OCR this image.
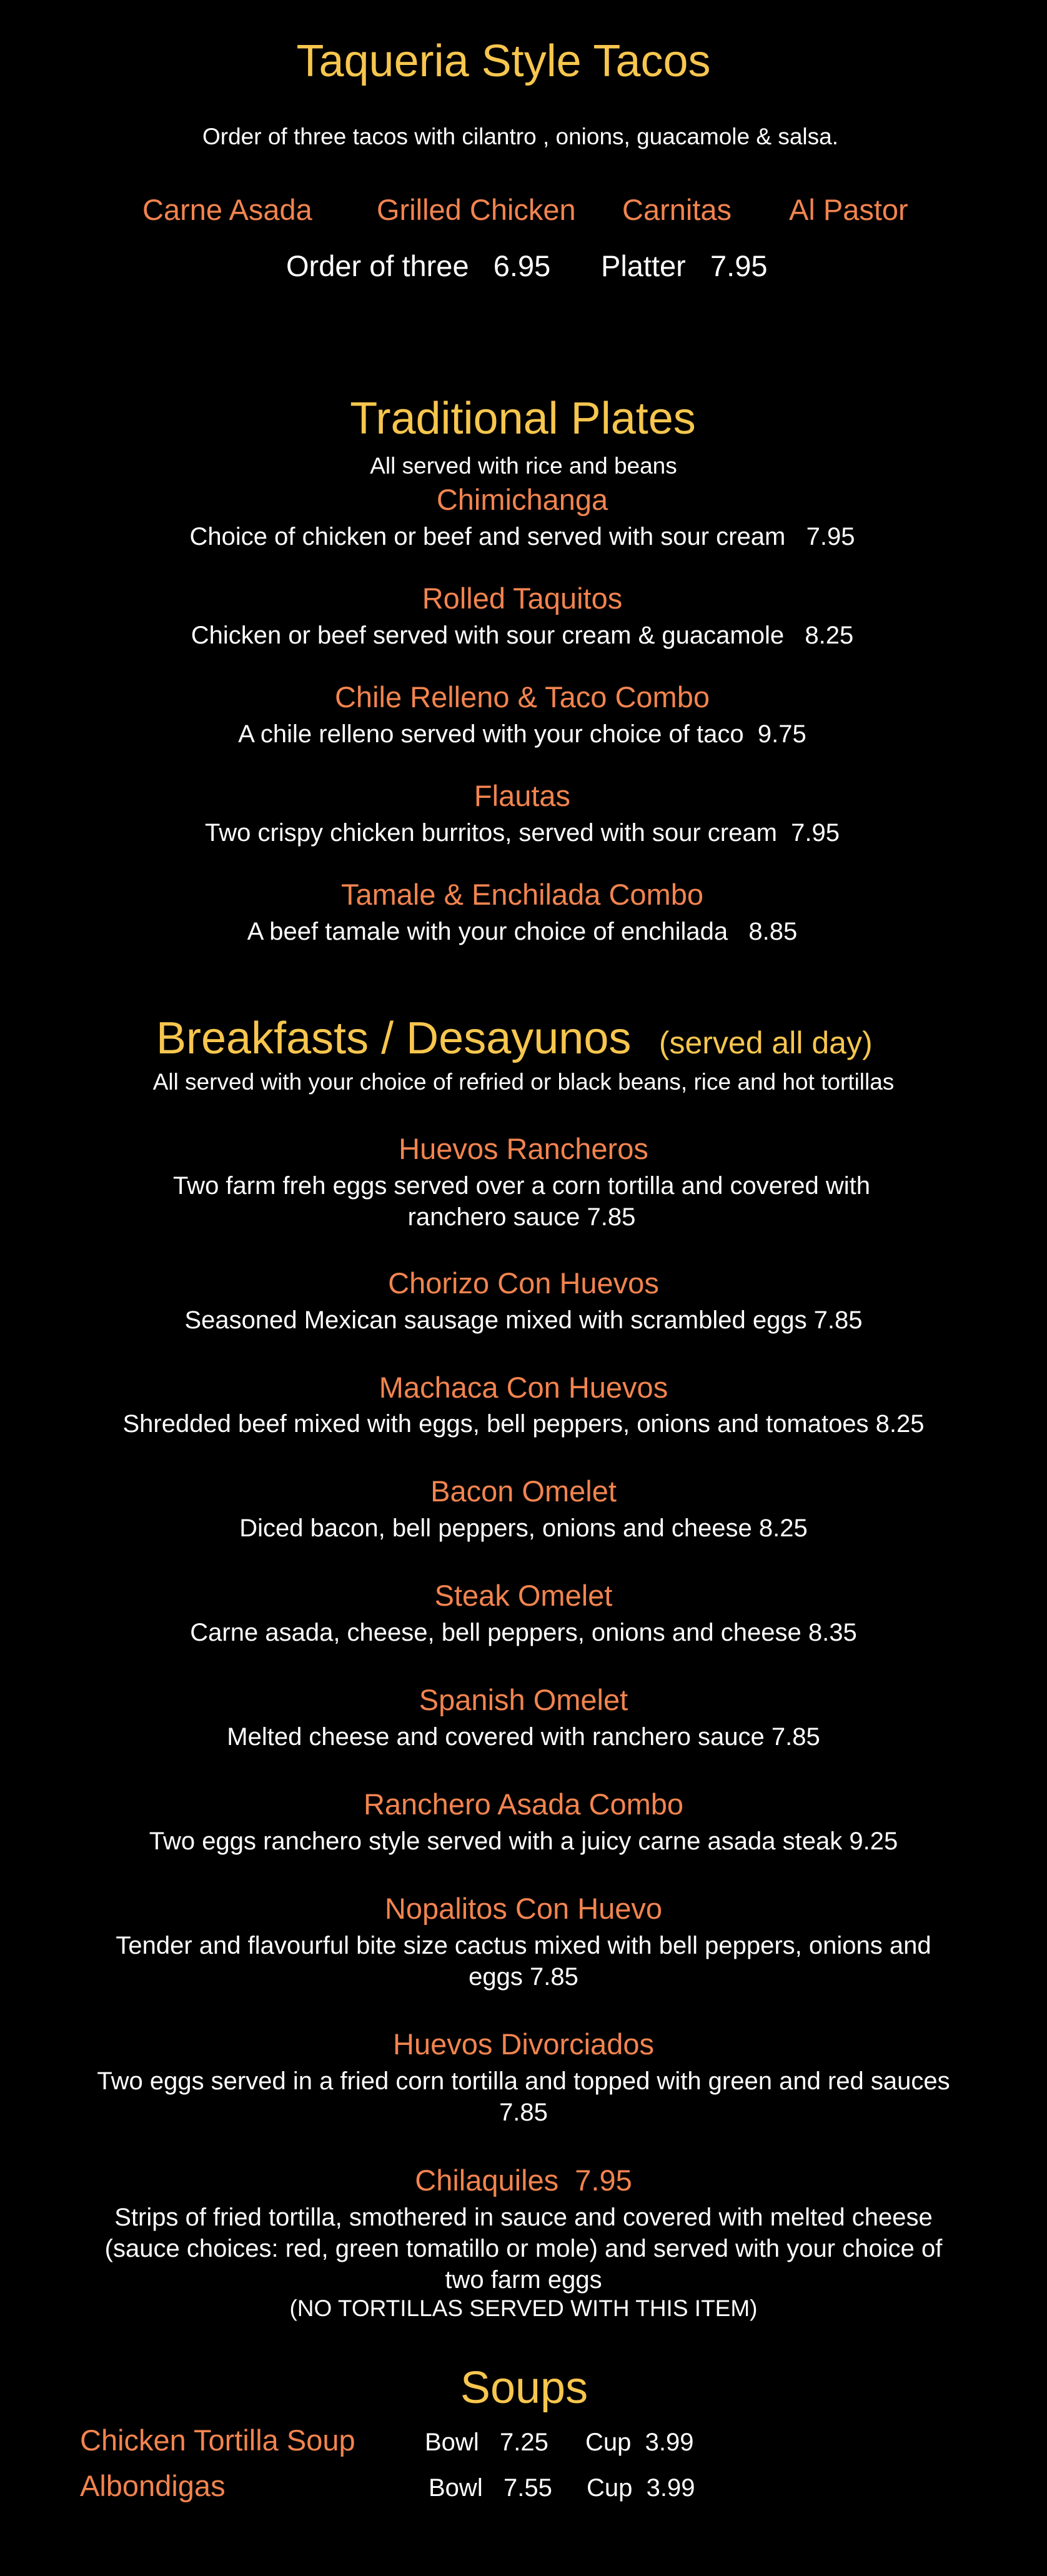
Taqueria Style Tacos
Order of three tacos with cilantro , onions, guacamole & salsa.
Carne Asada Grilled Chicken Carnitas Al Pastor
Order of three   6.95 Platter   7.95
Traditional Plates
All served with rice and beans
Chimichanga
Choice of chicken or beef and served with sour cream   7.95
Rolled Taquitos
Chicken or beef served with sour cream & guacamole   8.25
Chile Relleno & Taco Combo
A chile relleno served with your choice of taco  9.75
Flautas
Two crispy chicken burritos, served with sour cream  7.95
Tamale & Enchilada Combo
A beef tamale with your choice of enchilada   8.85
Breakfasts / Desayunos (served all day)
All served with your choice of refried or black beans, rice and hot tortillas
Huevos Rancheros
Two farm freh eggs served over a corn tortilla and covered with
ranchero sauce 7.85
Chorizo Con Huevos
Seasoned Mexican sausage mixed with scrambled eggs 7.85
Machaca Con Huevos
Shredded beef mixed with eggs, bell peppers, onions and tomatoes 8.25
Bacon Omelet
Diced bacon, bell peppers, onions and cheese 8.25
Steak Omelet
Carne asada, cheese, bell peppers, onions and cheese 8.35
Spanish Omelet
Melted cheese and covered with ranchero sauce 7.85
Ranchero Asada Combo
Two eggs ranchero style served with a juicy carne asada steak 9.25
Nopalitos Con Huevo
Tender and flavourful bite size cactus mixed with bell peppers, onions and
eggs 7.85
Huevos Divorciados
Two eggs served in a fried corn tortilla and topped with green and red sauces
7.85
Chilaquiles  7.95
Strips of fried tortilla, smothered in sauce and covered with melted cheese
(sauce choices: red, green tomatillo or mole) and served with your choice of
two farm eggs
(NO TORTILLAS SERVED WITH THIS ITEM)
Soups
Chicken Tortilla Soup	Bowl   7.25 Cup  3.99
Albondigas	Bowl   7.55 Cup  3.99
